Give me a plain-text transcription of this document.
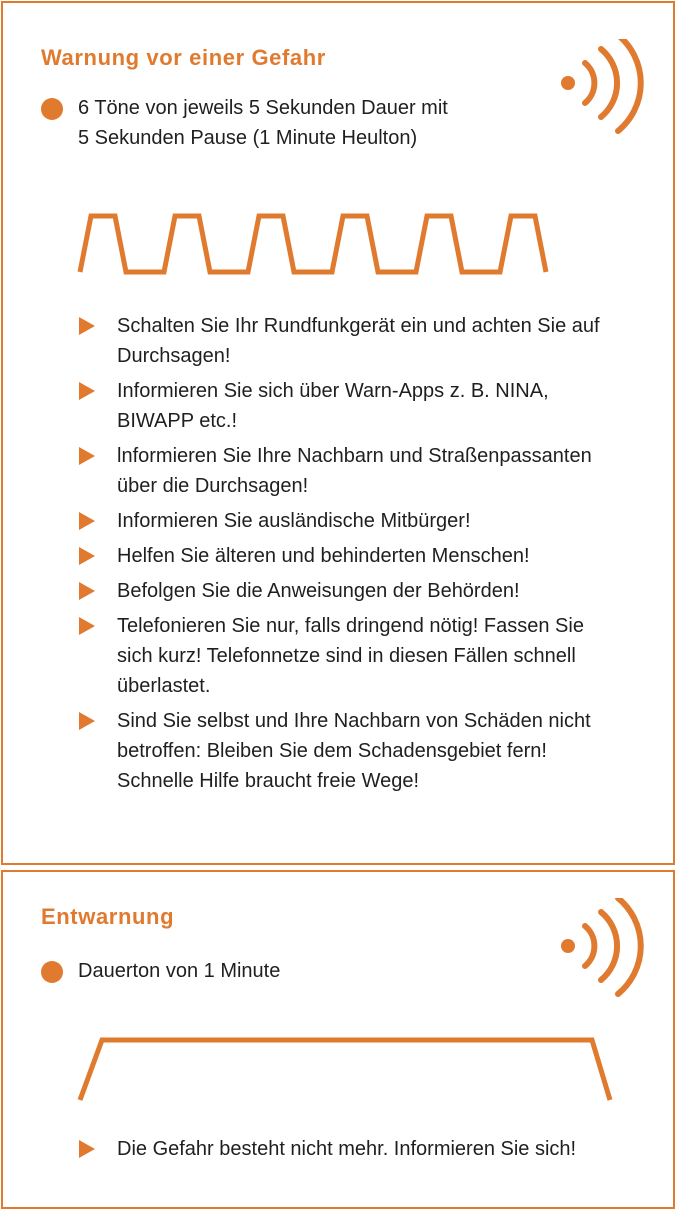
Warnung vor einer Gefahr
6 Töne von jeweils 5 Sekunden Dauer mit
5 Sekunden Pause (1 Minute Heulton)
Schalten Sie Ihr Rundfunkgerät ein und achten Sie auf
Durchsagen!
Informieren Sie sich über Warn-Apps z. B. NINA,
BIWAPP etc.!
lnformieren Sie Ihre Nachbarn und Straßenpassanten
über die Durchsagen!
Informieren Sie ausländische Mitbürger!
Helfen Sie älteren und behinderten Menschen!
Befolgen Sie die Anweisungen der Behörden!
Telefonieren Sie nur, falls dringend nötig! Fassen Sie
sich kurz! Telefonnetze sind in diesen Fällen schnell
überlastet.
Sind Sie selbst und Ihre Nachbarn von Schäden nicht
betroffen: Bleiben Sie dem Schadensgebiet fern!
Schnelle Hilfe braucht freie Wege!
Entwarnung
Dauerton von 1 Minute
Die Gefahr besteht nicht mehr. Informieren Sie sich!
